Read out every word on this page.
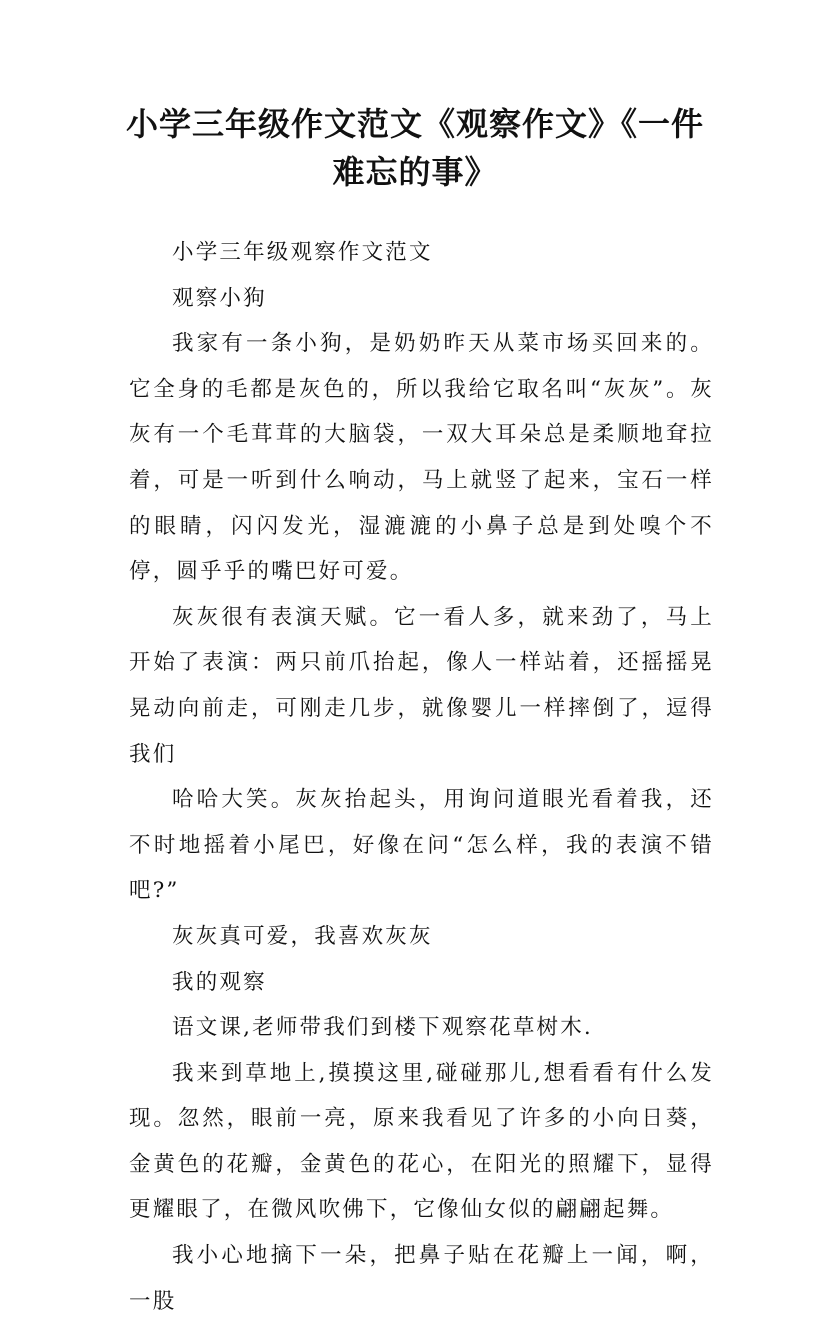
小学三年级作文范文《观察作文》《一件难忘的事》

小学三年级观察作文范文

观察小狗

我家有一条小狗，是奶奶昨天从菜市场买回来的。它全身的毛都是灰色的，所以我给它取名叫“灰灰”。灰灰有一个毛茸茸的大脑袋，一双大耳朵总是柔顺地耷拉着，可是一听到什么响动，马上就竖了起来，宝石一样的眼睛，闪闪发光，湿漉漉的小鼻子总是到处嗅个不停，圆乎乎的嘴巴好可爱。

灰灰很有表演天赋。它一看人多，就来劲了，马上开始了表演：两只前爪抬起，像人一样站着，还摇摇晃晃动向前走，可刚走几步，就像婴儿一样摔倒了，逗得我们

哈哈大笑。灰灰抬起头，用询问道眼光看着我，还不时地摇着小尾巴，好像在问“怎么样，我的表演不错吧?”

灰灰真可爱，我喜欢灰灰

我的观察

语文课,老师带我们到楼下观察花草树木.

我来到草地上,摸摸这里,碰碰那儿,想看看有什么发现。忽然，眼前一亮，原来我看见了许多的小向日葵，金黄色的花瓣，金黄色的花心，在阳光的照耀下，显得更耀眼了，在微风吹佛下，它像仙女似的翩翩起舞。

我小心地摘下一朵，把鼻子贴在花瓣上一闻，啊，一股
